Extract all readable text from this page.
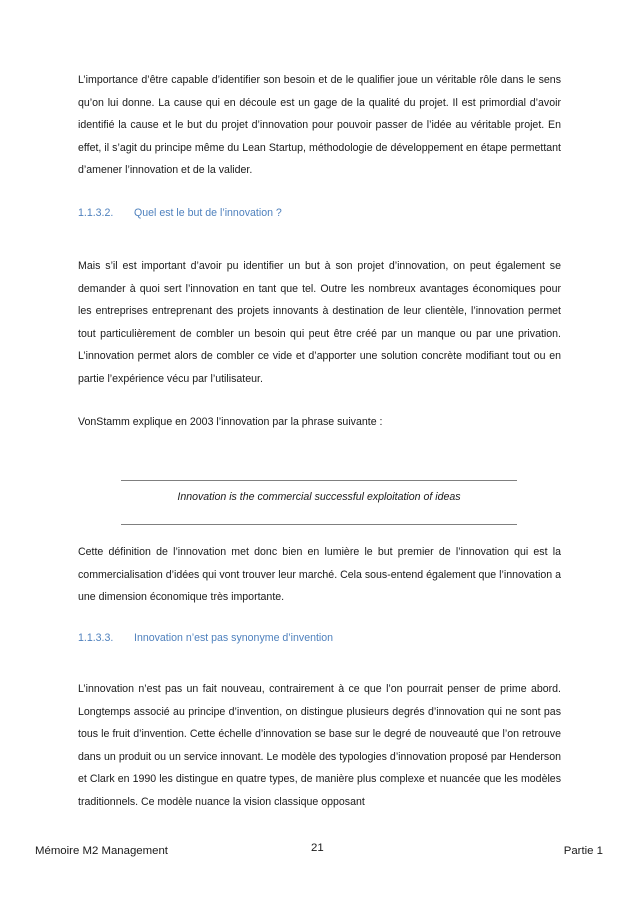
L’importance d’être capable d’identifier son besoin et de le qualifier joue un véritable rôle dans le sens qu’on lui donne. La cause qui en découle est un gage de la qualité du projet. Il est primordial d’avoir identifié la cause et le but du projet d’innovation pour pouvoir passer de l’idée au véritable projet. En effet, il s’agit du principe même du Lean Startup, méthodologie de développement en étape permettant d’amener l’innovation et de la valider.

1.1.3.2. Quel est le but de l’innovation ?

Mais s’il est important d’avoir pu identifier un but à son projet d’innovation, on peut également se demander à quoi sert l’innovation en tant que tel. Outre les nombreux avantages économiques pour les entreprises entreprenant des projets innovants à destination de leur clientèle, l’innovation permet tout particulièrement de combler un besoin qui peut être créé par un manque ou par une privation. L’innovation permet alors de combler ce vide et d’apporter une solution concrète modifiant tout ou en partie l’expérience vécu par l’utilisateur.

VonStamm explique en 2003 l’innovation par la phrase suivante :

Innovation is the commercial successful exploitation of ideas

Cette définition de l’innovation met donc bien en lumière le but premier de l’innovation qui est la commercialisation d’idées qui vont trouver leur marché. Cela sous-entend également que l’innovation a une dimension économique très importante.

1.1.3.3. Innovation n’est pas synonyme d’invention

L’innovation n’est pas un fait nouveau, contrairement à ce que l’on pourrait penser de prime abord. Longtemps associé au principe d’invention, on distingue plusieurs degrés d’innovation qui ne sont pas tous le fruit d’invention. Cette échelle d’innovation se base sur le degré de nouveauté que l’on retrouve dans un produit ou un service innovant. Le modèle des typologies d’innovation proposé par Henderson et Clark en 1990 les distingue en quatre types, de manière plus complexe et nuancée que les modèles traditionnels. Ce modèle nuance la vision classique opposant

Mémoire M2 Management	21	Partie 1
